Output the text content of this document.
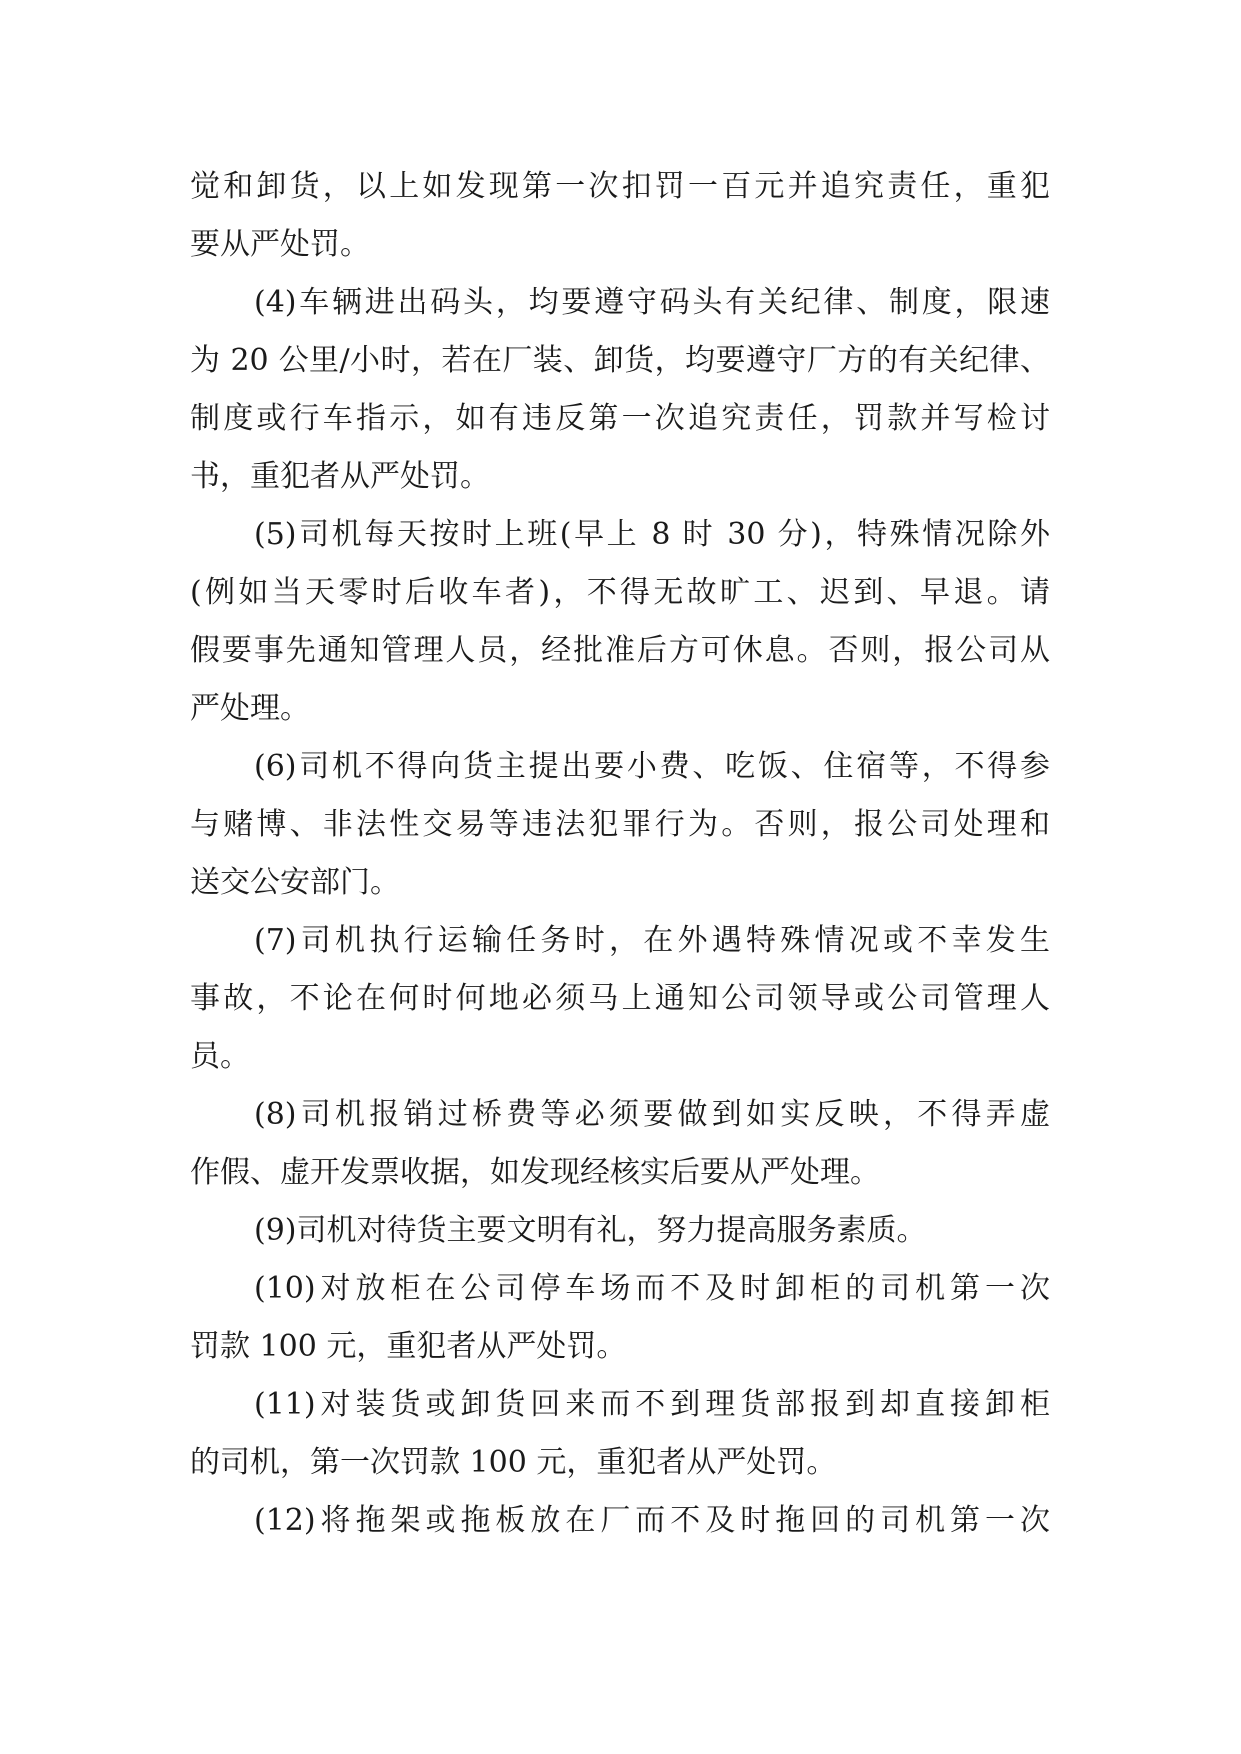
觉和卸货，以上如发现第一次扣罚一百元并追究责任，重犯
要从严处罚。
(4)车辆进出码头，均要遵守码头有关纪律、制度，限速
为 20 公里/小时，若在厂装、卸货，均要遵守厂方的有关纪律、
制度或行车指示，如有违反第一次追究责任，罚款并写检讨
书，重犯者从严处罚。
(5)司机每天按时上班(早上 8 时 30 分)，特殊情况除外
(例如当天零时后收车者)，不得无故旷工、迟到、早退。请
假要事先通知管理人员，经批准后方可休息。否则，报公司从
严处理。
(6)司机不得向货主提出要小费、吃饭、住宿等，不得参
与赌博、非法性交易等违法犯罪行为。否则，报公司处理和
送交公安部门。
(7)司机执行运输任务时，在外遇特殊情况或不幸发生
事故，不论在何时何地必须马上通知公司领导或公司管理人
员。
(8)司机报销过桥费等必须要做到如实反映，不得弄虚
作假、虚开发票收据，如发现经核实后要从严处理。
(9)司机对待货主要文明有礼，努力提高服务素质。
(10)对放柜在公司停车场而不及时卸柜的司机第一次
罚款 100 元，重犯者从严处罚。
(11)对装货或卸货回来而不到理货部报到却直接卸柜
的司机，第一次罚款 100 元，重犯者从严处罚。
(12)将拖架或拖板放在厂而不及时拖回的司机第一次
